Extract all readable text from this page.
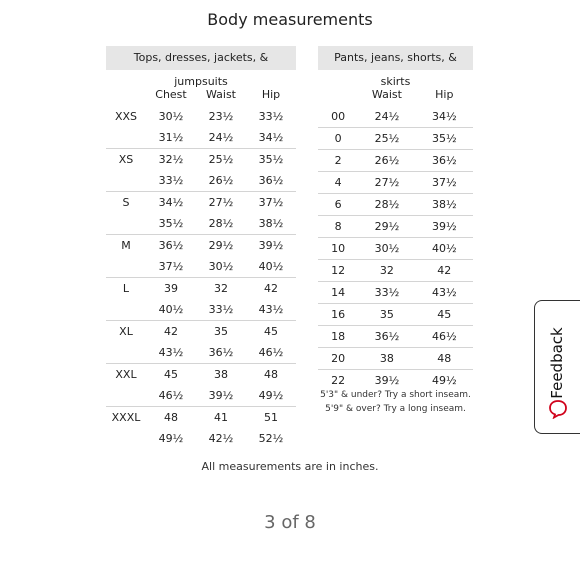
Body measurements
Tops, dresses, jackets, & jumpsuits
Pants, jeans, shorts, & skirts
	Chest	Waist	Hip
XXS	30½	23½	33½
	31½	24½	34½
XS	32½	25½	35½
	33½	26½	36½
S	34½	27½	37½
	35½	28½	38½
M	36½	29½	39½
	37½	30½	40½
L	39	32	42
	40½	33½	43½
XL	42	35	45
	43½	36½	46½
XXL	45	38	48
	46½	39½	49½
XXXL	48	41	51
	49½	42½	52½
	Waist	Hip
00	24½	34½
0	25½	35½
2	26½	36½
4	27½	37½
6	28½	38½
8	29½	39½
10	30½	40½
12	32	42
14	33½	43½
16	35	45
18	36½	46½
20	38	48
22	39½	49½
5'3" & under? Try a short inseam.
5'9" & over? Try a long inseam.
All measurements are in inches.
3 of 8
Feedback
